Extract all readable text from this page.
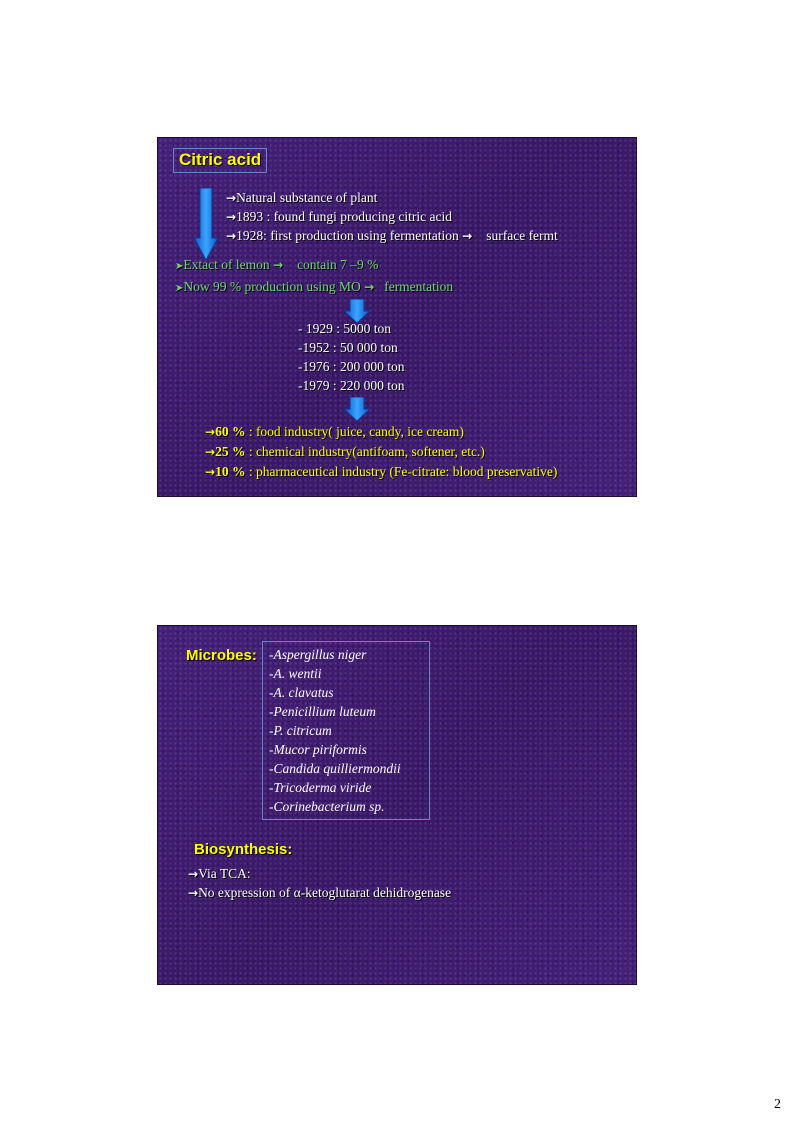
Citric acid
→Natural substance of plant
→1893 : found fungi producing citric acid
→1928: first production using fermentation → surface fermt
➤Extact of lemon → contain 7 –9 %
➤Now 99 % production using MO → fermentation
- 1929 : 5000 ton
-1952 : 50 000 ton
-1976 : 200 000 ton
-1979 : 220 000 ton
→60 % : food industry( juice, candy, ice cream)
→25 % : chemical industry(antifoam, softener, etc.)
→10 % : pharmaceutical industry (Fe-citrate: blood preservative)
Microbes: -Aspergillus niger
-A. wentii
-A. clavatus
-Penicillium luteum
-P. citricum
-Mucor piriformis
-Candida quilliermondii
-Tricoderma viride
-Corinebacterium sp.
Biosynthesis:
→Via TCA:
→No expression of α-ketoglutarat dehidrogenase
2
